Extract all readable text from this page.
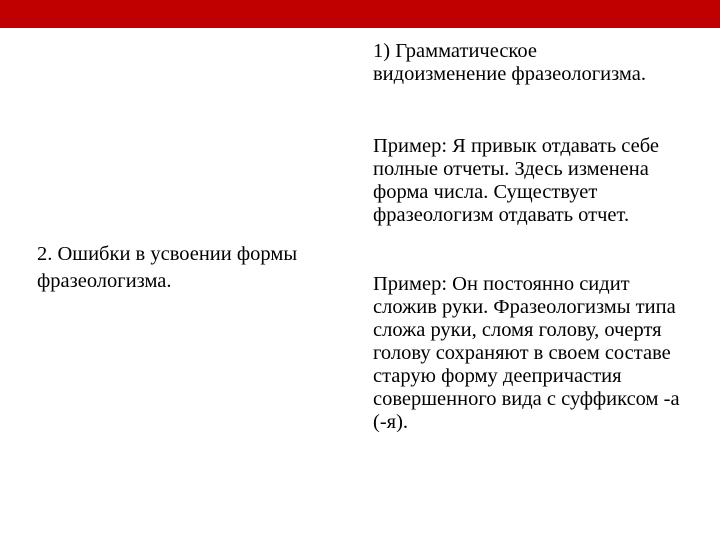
2. Ошибки в усвоении формы фразеологизма.

1) Грамматическое видоизменение фразеологизма.

Пример: Я привык отдавать себе полные отчеты. Здесь изменена форма числа. Существует фразеологизм отдавать отчет.

Пример: Он постоянно сидит сложив руки. Фразеологизмы типа сложа руки, сломя голову, очертя голову сохраняют в своем составе старую форму деепричастия совершенного вида с суффиксом -а (-я).
